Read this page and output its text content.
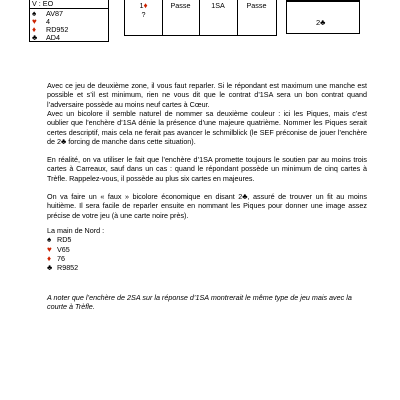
V : EO
♠ AV87
♥ 4
♦ RD952
♣ AD4
1♦
?
Passe	1SA	Passe
2♣

Avec ce jeu de deuxième zone, il vous faut reparler. Si le répondant est maximum une manche est possible et s’il est minimum, rien ne vous dit que le contrat d’1SA sera un bon contrat quand l’adversaire possède au moins neuf cartes à Cœur.

Avec un bicolore il semble naturel de nommer sa deuxième couleur : ici les Piques, mais c’est oublier que l’enchère d’1SA dénie la présence d’une majeure quatrième. Nommer les Piques serait certes descriptif, mais cela ne ferait pas avancer le schmilblick (le SEF préconise de jouer l’enchère de 2♣ forcing de manche dans cette situation).

En réalité, on va utiliser le fait que l’enchère d’1SA promette toujours le soutien par au moins trois cartes à Carreaux, sauf dans un cas : quand le répondant possède un minimum de cinq cartes à Trèfle. Rappelez-vous, il possède au plus six cartes en majeures.

On va faire un « faux » bicolore économique en disant 2♣, assuré de trouver un fit au moins huitième. Il sera facile de reparler ensuite en nommant les Piques pour donner une image assez précise de votre jeu (à une carte noire près).

La main de Nord :
♠ RD5
♥ V65
♦ 76
♣ R9852

A noter que l’enchère de 2SA sur la réponse d’1SA montrerait le même type de jeu mais avec la courte à Trèfle.
